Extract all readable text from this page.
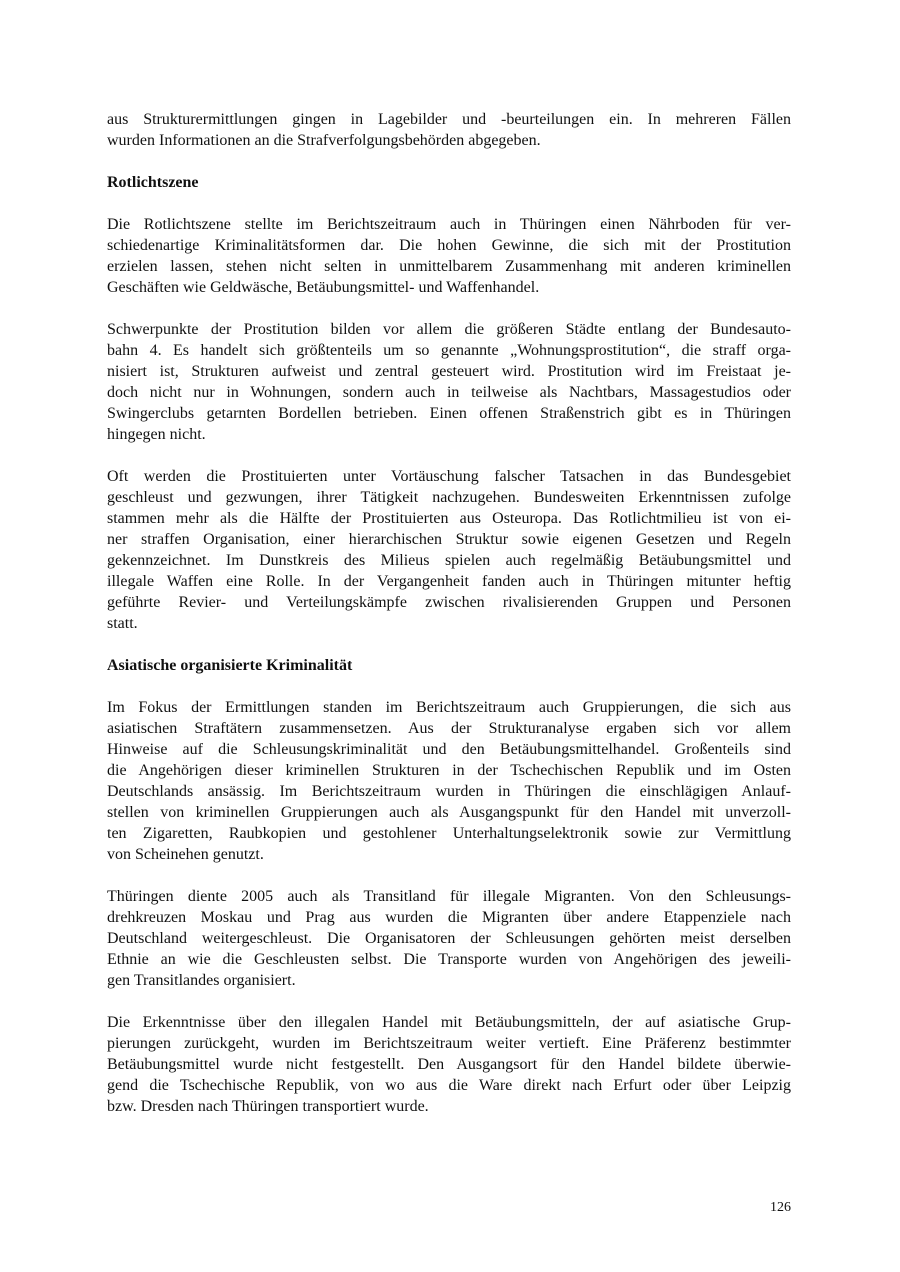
aus Strukturermittlungen gingen in Lagebilder und -beurteilungen ein. In mehreren Fällen
wurden Informationen an die Strafverfolgungsbehörden abgegeben.
Rotlichtszene
Die Rotlichtszene stellte im Berichtszeitraum auch in Thüringen einen Nährboden für ver-
schiedenartige Kriminalitätsformen dar. Die hohen Gewinne, die sich mit der Prostitution
erzielen lassen, stehen nicht selten in unmittelbarem Zusammenhang mit anderen kriminellen
Geschäften wie Geldwäsche, Betäubungsmittel- und Waffenhandel.
Schwerpunkte der Prostitution bilden vor allem die größeren Städte entlang der Bundesauto-
bahn 4. Es handelt sich größtenteils um so genannte „Wohnungsprostitution“, die straff orga-
nisiert ist, Strukturen aufweist und zentral gesteuert wird. Prostitution wird im Freistaat je-
doch nicht nur in Wohnungen, sondern auch in teilweise als Nachtbars, Massagestudios oder
Swingerclubs getarnten Bordellen betrieben. Einen offenen Straßenstrich gibt es in Thüringen
hingegen nicht.
Oft werden die Prostituierten unter Vortäuschung falscher Tatsachen in das Bundesgebiet
geschleust und gezwungen, ihrer Tätigkeit nachzugehen. Bundesweiten Erkenntnissen zufolge
stammen mehr als die Hälfte der Prostituierten aus Osteuropa. Das Rotlichtmilieu ist von ei-
ner straffen Organisation, einer hierarchischen Struktur sowie eigenen Gesetzen und Regeln
gekennzeichnet. Im Dunstkreis des Milieus spielen auch regelmäßig Betäubungsmittel und
illegale Waffen eine Rolle. In der Vergangenheit fanden auch in Thüringen mitunter heftig
geführte Revier- und Verteilungskämpfe zwischen rivalisierenden Gruppen und Personen
statt.
Asiatische organisierte Kriminalität
Im Fokus der Ermittlungen standen im Berichtszeitraum auch Gruppierungen, die sich aus
asiatischen Straftätern zusammensetzen. Aus der Strukturanalyse ergaben sich vor allem
Hinweise auf die Schleusungskriminalität und den Betäubungsmittelhandel. Großenteils sind
die Angehörigen dieser kriminellen Strukturen in der Tschechischen Republik und im Osten
Deutschlands ansässig. Im Berichtszeitraum wurden in Thüringen die einschlägigen Anlauf-
stellen von kriminellen Gruppierungen auch als Ausgangspunkt für den Handel mit unverzoll-
ten Zigaretten, Raubkopien und gestohlener Unterhaltungselektronik sowie zur Vermittlung
von Scheinehen genutzt.
Thüringen diente 2005 auch als Transitland für illegale Migranten. Von den Schleusungs-
drehkreuzen Moskau und Prag aus wurden die Migranten über andere Etappenziele nach
Deutschland weitergeschleust. Die Organisatoren der Schleusungen gehörten meist derselben
Ethnie an wie die Geschleusten selbst. Die Transporte wurden von Angehörigen des jeweili-
gen Transitlandes organisiert.
Die Erkenntnisse über den illegalen Handel mit Betäubungsmitteln, der auf asiatische Grup-
pierungen zurückgeht, wurden im Berichtszeitraum weiter vertieft. Eine Präferenz bestimmter
Betäubungsmittel wurde nicht festgestellt. Den Ausgangsort für den Handel bildete überwie-
gend die Tschechische Republik, von wo aus die Ware direkt nach Erfurt oder über Leipzig
bzw. Dresden nach Thüringen transportiert wurde.
126
